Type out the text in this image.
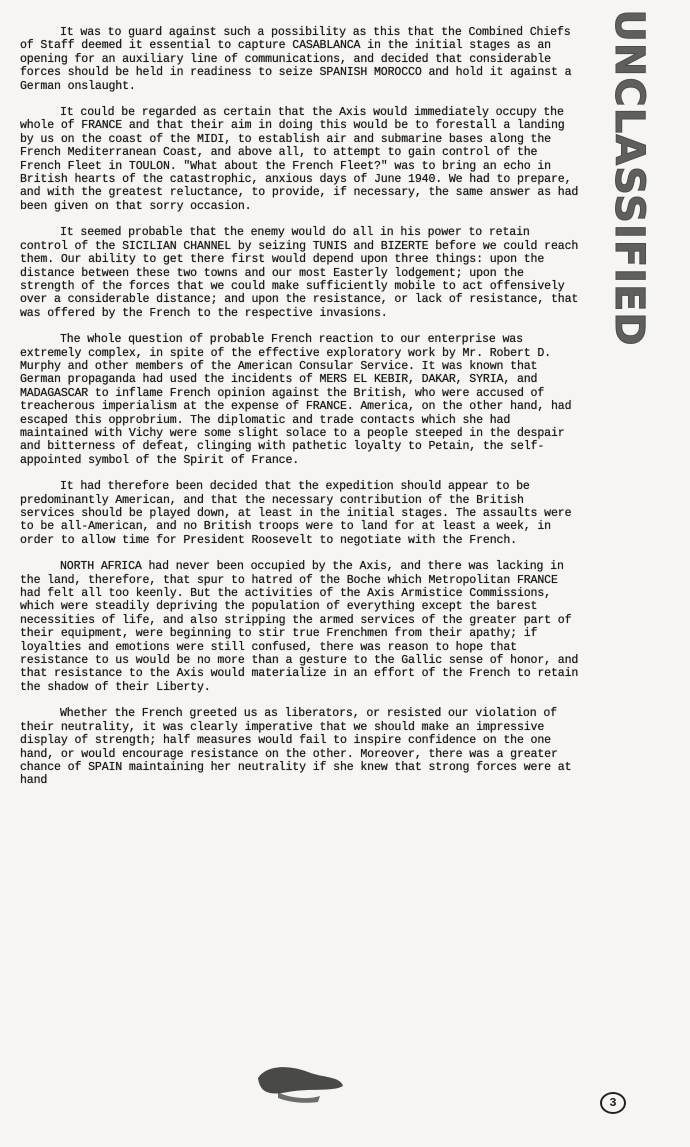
It was to guard against such a possibility as this that the Combined Chiefs of Staff deemed it essential to capture CASABLANCA in the initial stages as an opening for an auxiliary line of communications, and decided that considerable forces should be held in readiness to seize SPANISH MOROCCO and hold it against a German onslaught.

It could be regarded as certain that the Axis would immediately occupy the whole of FRANCE and that their aim in doing this would be to forestall a landing by us on the coast of the MIDI, to establish air and submarine bases along the French Mediterranean Coast, and above all, to attempt to gain control of the French Fleet in TOULON. "What about the French Fleet?" was to bring an echo in British hearts of the catastrophic, anxious days of June 1940. We had to prepare, and with the greatest reluctance, to provide, if necessary, the same answer as had been given on that sorry occasion.

It seemed probable that the enemy would do all in his power to retain control of the SICILIAN CHANNEL by seizing TUNIS and BIZERTE before we could reach them. Our ability to get there first would depend upon three things: upon the distance between these two towns and our most Easterly lodgement; upon the strength of the forces that we could make sufficiently mobile to act offensively over a considerable distance; and upon the resistance, or lack of resistance, that was offered by the French to the respective invasions.

The whole question of probable French reaction to our enterprise was extremely complex, in spite of the effective exploratory work by Mr. Robert D. Murphy and other members of the American Consular Service. It was known that German propaganda had used the incidents of MERS EL KEBIR, DAKAR, SYRIA, and MADAGASCAR to inflame French opinion against the British, who were accused of treacherous imperialism at the expense of FRANCE. America, on the other hand, had escaped this opprobrium. The diplomatic and trade contacts which she had maintained with Vichy were some slight solace to a people steeped in the despair and bitterness of defeat, clinging with pathetic loyalty to Petain, the self-appointed symbol of the Spirit of France.

It had therefore been decided that the expedition should appear to be predominantly American, and that the necessary contribution of the British services should be played down, at least in the initial stages. The assaults were to be all-American, and no British troops were to land for at least a week, in order to allow time for President Roosevelt to negotiate with the French.

NORTH AFRICA had never been occupied by the Axis, and there was lacking in the land, therefore, that spur to hatred of the Boche which Metropolitan FRANCE had felt all too keenly. But the activities of the Axis Armistice Commissions, which were steadily depriving the population of everything except the barest necessities of life, and also stripping the armed services of the greater part of their equipment, were beginning to stir true Frenchmen from their apathy; if loyalties and emotions were still confused, there was reason to hope that resistance to us would be no more than a gesture to the Gallic sense of honor, and that resistance to the Axis would materialize in an effort of the French to retain the shadow of their Liberty.

Whether the French greeted us as liberators, or resisted our violation of their neutrality, it was clearly imperative that we should make an impressive display of strength; half measures would fail to inspire confidence on the one hand, or would encourage resistance on the other. Moreover, there was a greater chance of SPAIN maintaining her neutrality if she knew that strong forces were at hand

UNCLASSIFIED
3
